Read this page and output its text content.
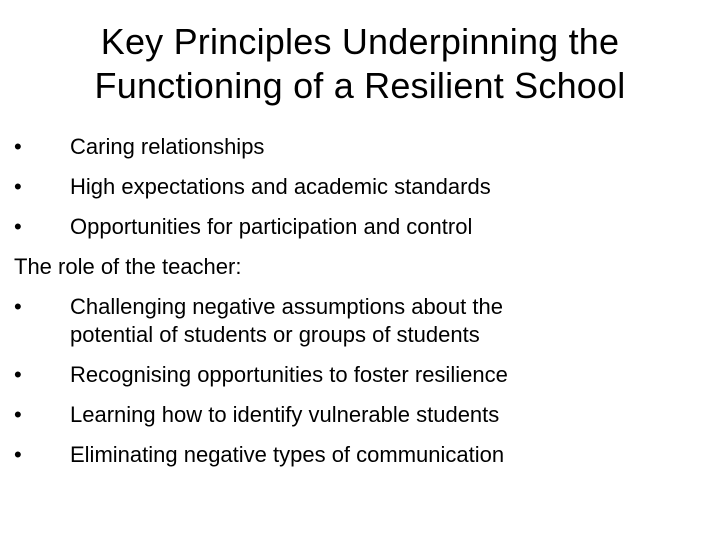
Key Principles Underpinning the
Functioning of a Resilient School
•	Caring relationships
•	High expectations and academic standards
•	Opportunities for participation and control
The role of the teacher:
•	Challenging negative assumptions about the
potential of students or groups of students
•	Recognising opportunities to foster resilience
•	Learning how to identify vulnerable students
•	Eliminating negative types of communication
